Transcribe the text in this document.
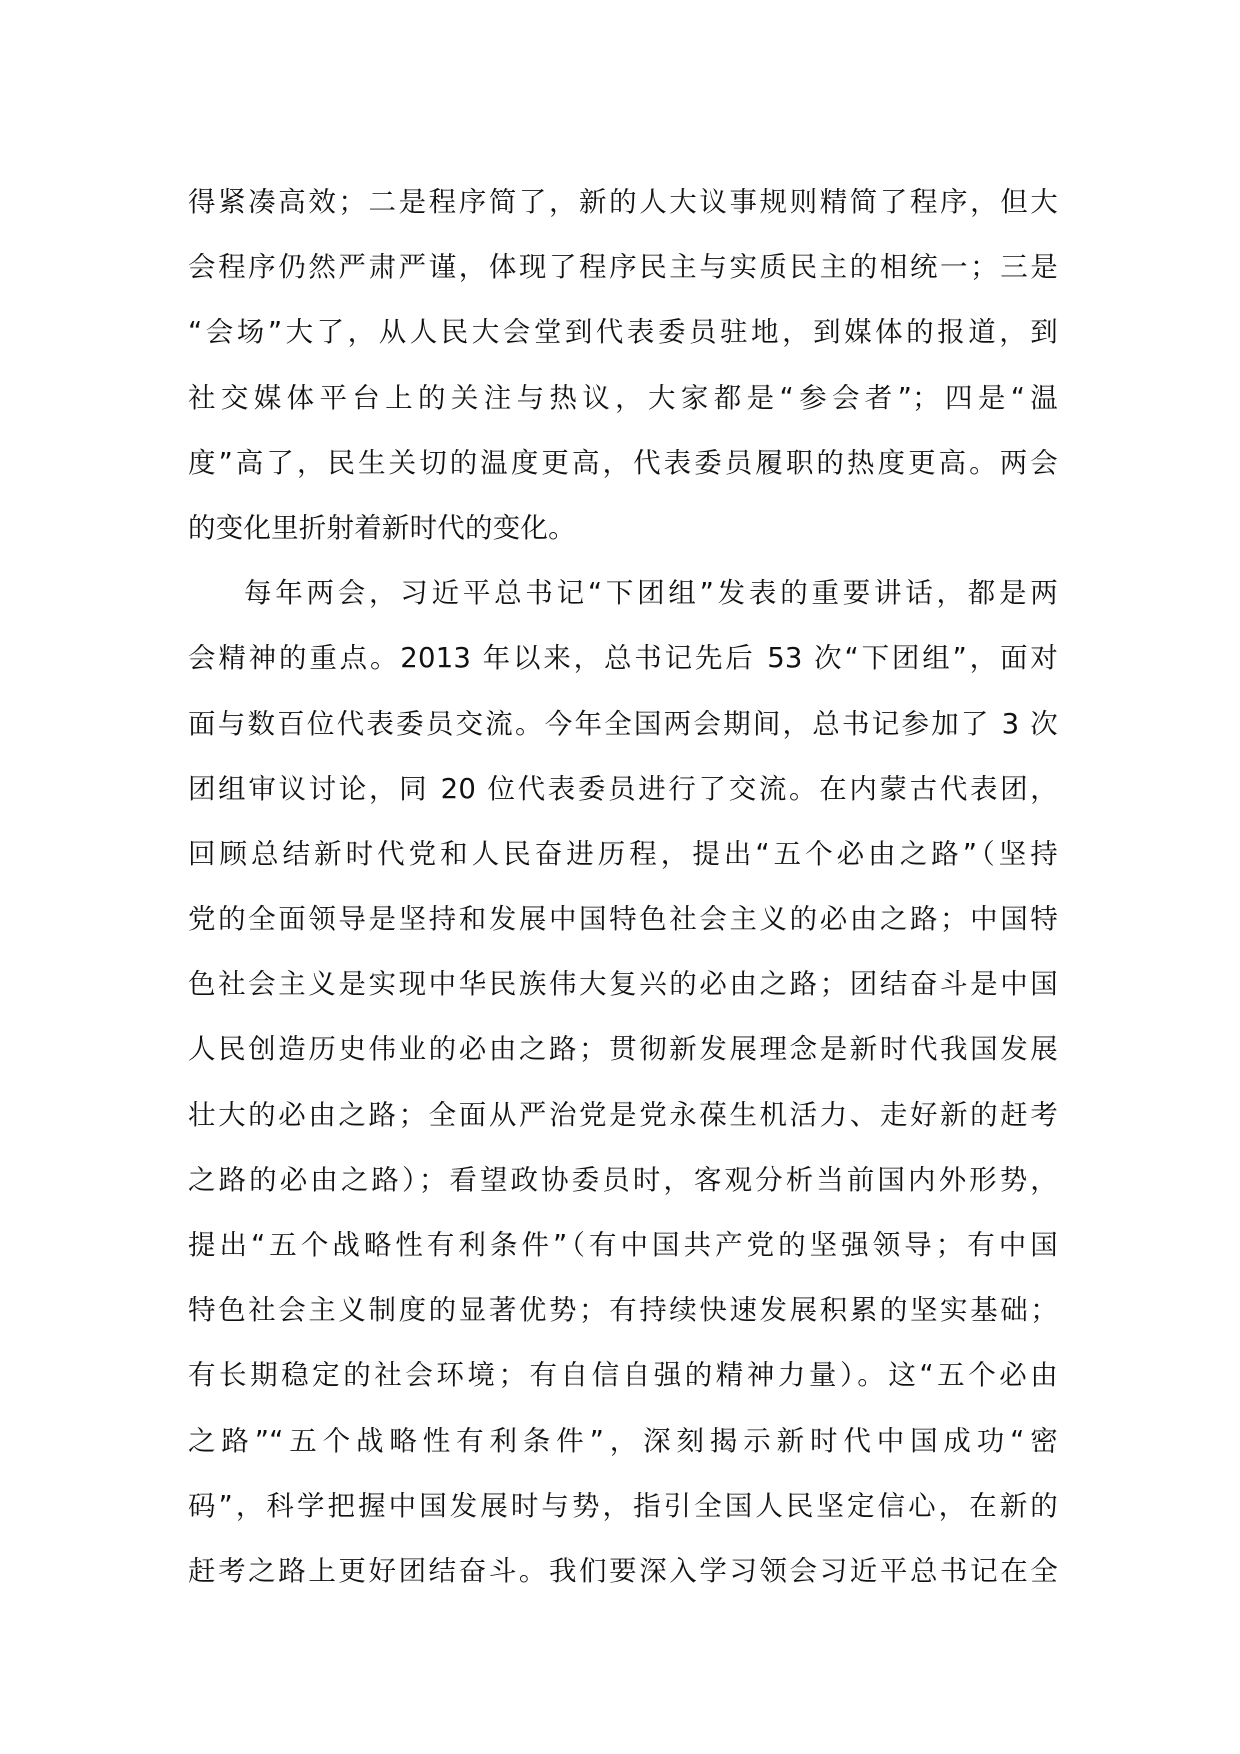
得紧凑高效；二是程序简了，新的人大议事规则精简了程序，但大
会程序仍然严肃严谨，体现了程序民主与实质民主的相统一；三是
“会场”大了，从人民大会堂到代表委员驻地，到媒体的报道，到
社交媒体平台上的关注与热议，大家都是“参会者”；四是“温
度”高了，民生关切的温度更高，代表委员履职的热度更高。两会
的变化里折射着新时代的变化。
每年两会，习近平总书记“下团组”发表的重要讲话，都是两
会精神的重点。2013 年以来，总书记先后 53 次“下团组”，面对
面与数百位代表委员交流。今年全国两会期间，总书记参加了 3 次
团组审议讨论，同 20 位代表委员进行了交流。在内蒙古代表团，
回顾总结新时代党和人民奋进历程，提出“五个必由之路”（坚持
党的全面领导是坚持和发展中国特色社会主义的必由之路；中国特
色社会主义是实现中华民族伟大复兴的必由之路；团结奋斗是中国
人民创造历史伟业的必由之路；贯彻新发展理念是新时代我国发展
壮大的必由之路；全面从严治党是党永葆生机活力、走好新的赶考
之路的必由之路）；看望政协委员时，客观分析当前国内外形势，
提出“五个战略性有利条件”（有中国共产党的坚强领导；有中国
特色社会主义制度的显著优势；有持续快速发展积累的坚实基础；
有长期稳定的社会环境；有自信自强的精神力量）。这“五个必由
之路”“五个战略性有利条件”，深刻揭示新时代中国成功“密
码”，科学把握中国发展时与势，指引全国人民坚定信心，在新的
赶考之路上更好团结奋斗。我们要深入学习领会习近平总书记在全
